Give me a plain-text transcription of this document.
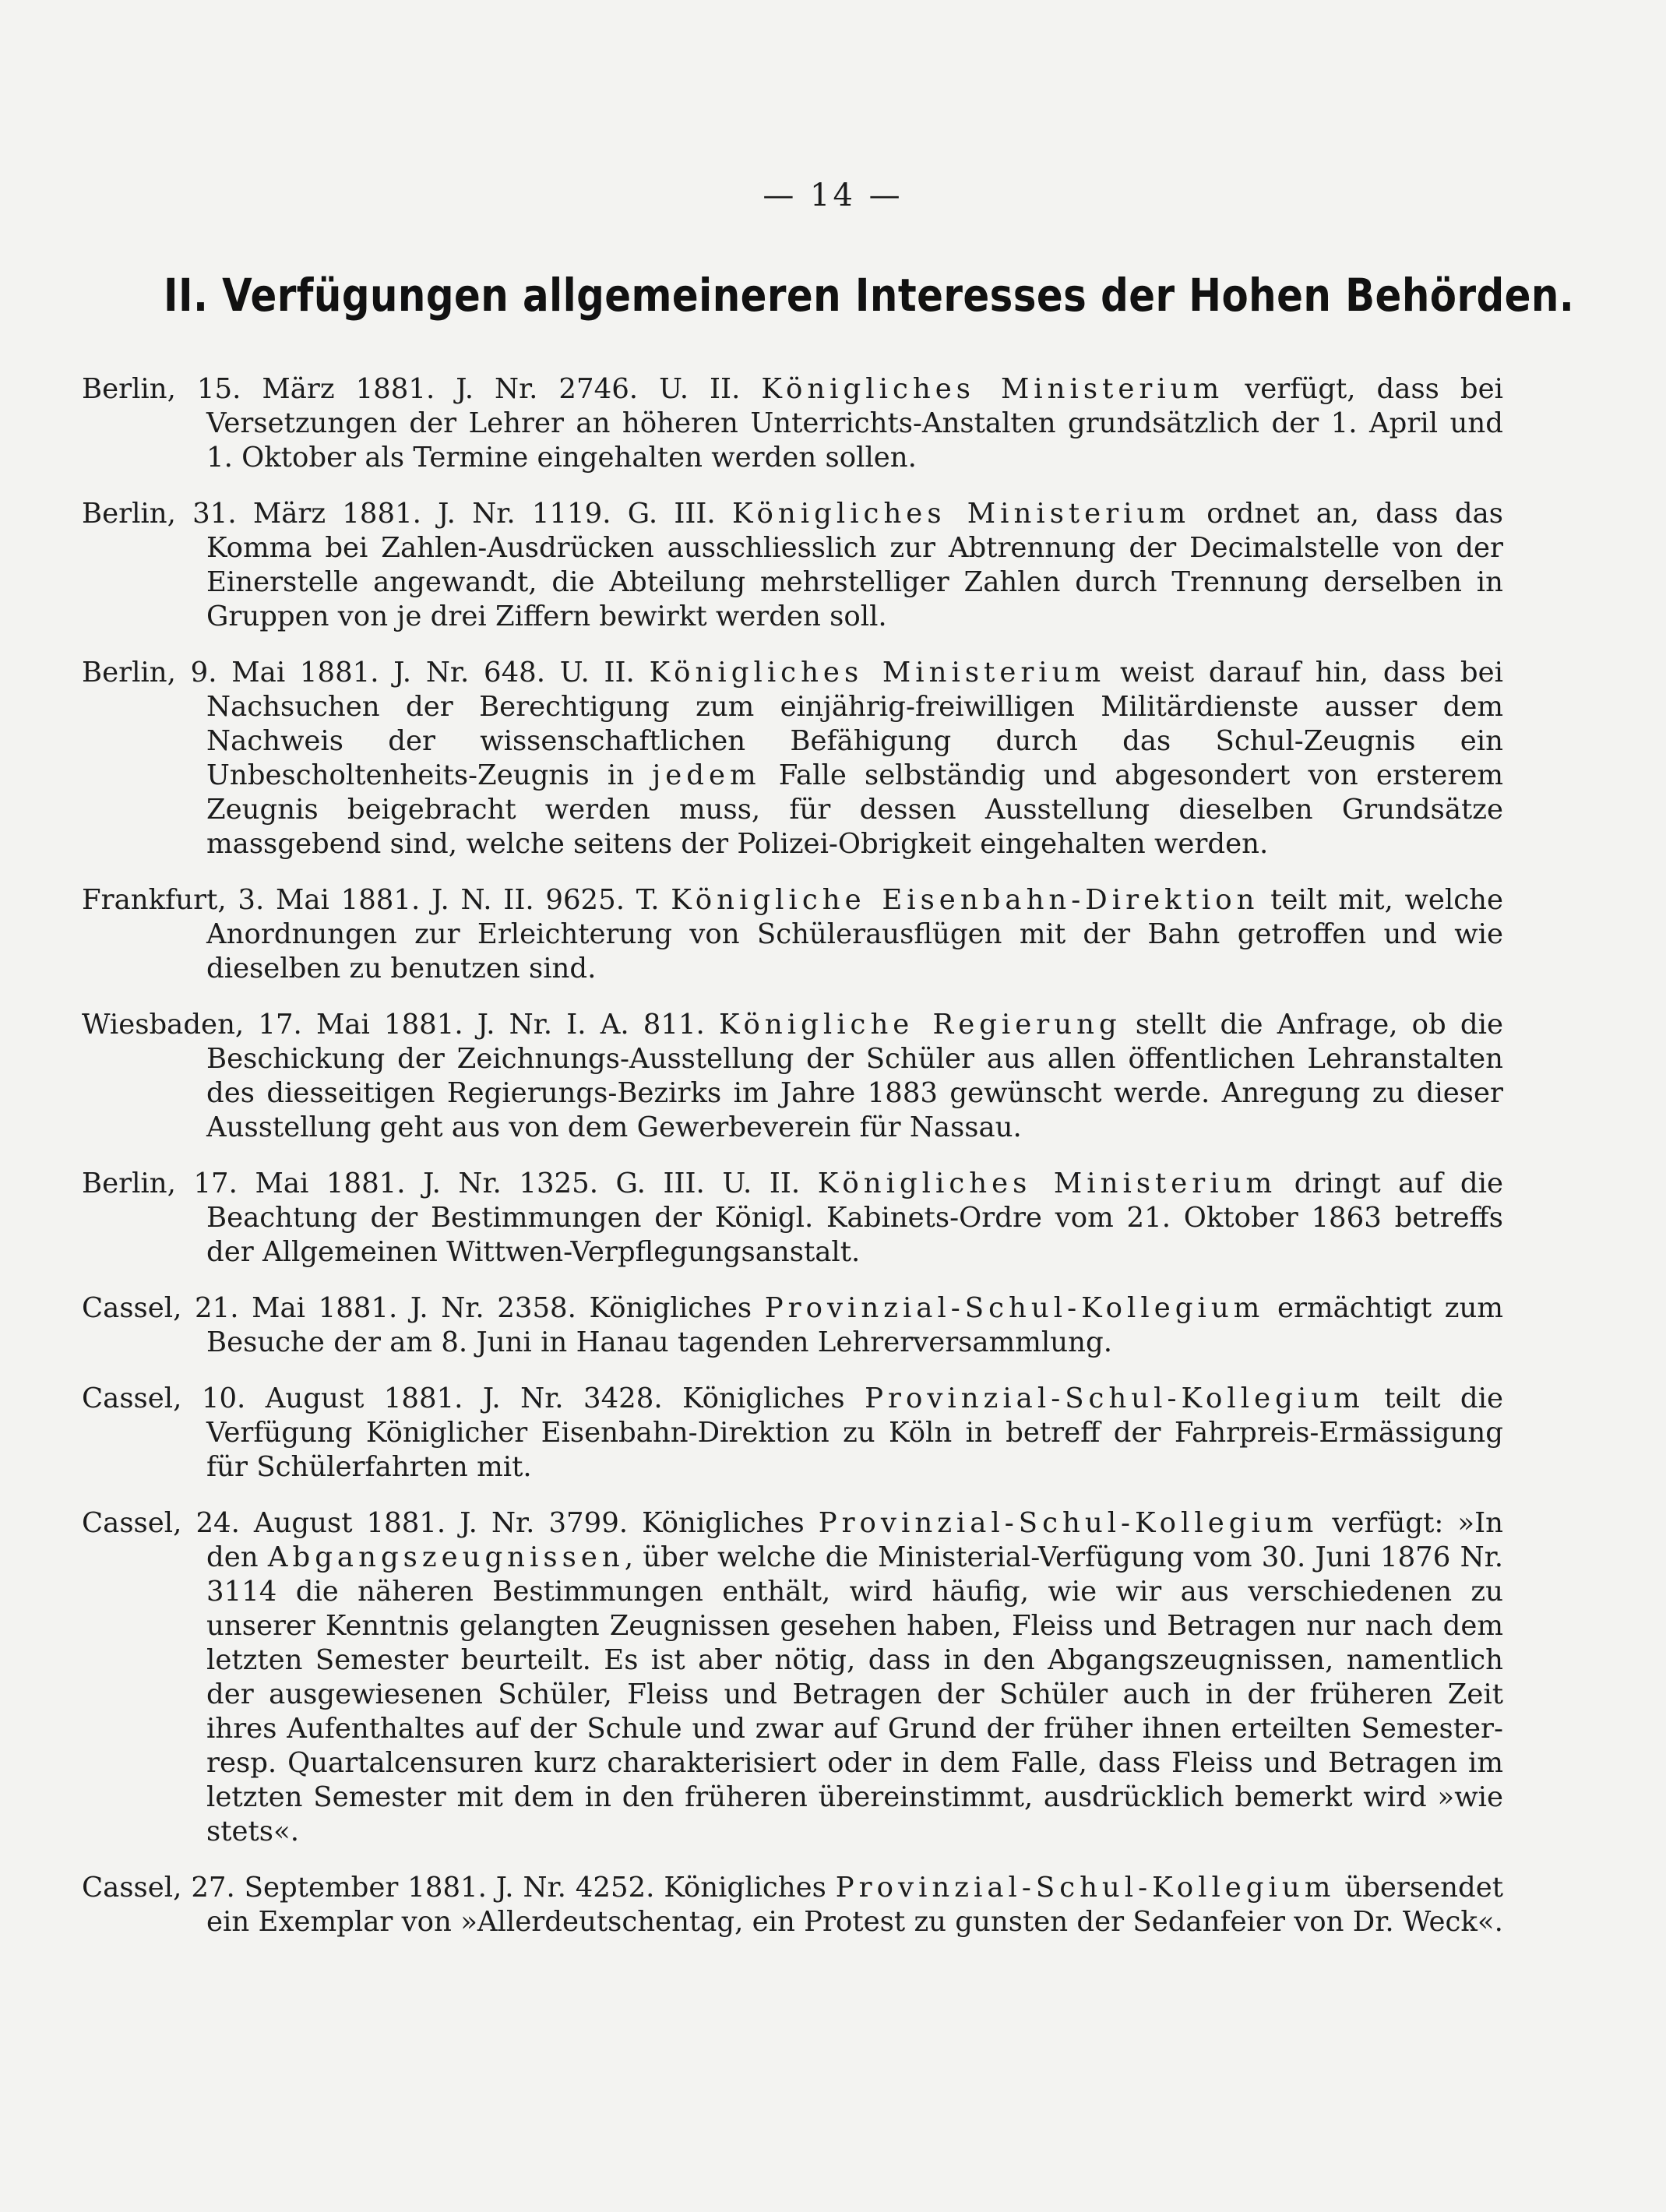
— 14 —
II. Verfügungen allgemeineren Interesses der Hohen Behörden.

Berlin, 15. März 1881. J. Nr. 2746. U. II. Königliches Ministerium verfügt, dass bei Versetzungen der Lehrer an höheren Unterrichts-Anstalten grundsätzlich der 1. April und 1. Oktober als Termine eingehalten werden sollen.

Berlin, 31. März 1881. J. Nr. 1119. G. III. Königliches Ministerium ordnet an, dass das Komma bei Zahlen-Ausdrücken ausschliesslich zur Abtrennung der Decimalstelle von der Einerstelle angewandt, die Abteilung mehrstelliger Zahlen durch Trennung derselben in Gruppen von je drei Ziffern bewirkt werden soll.

Berlin, 9. Mai 1881. J. Nr. 648. U. II. Königliches Ministerium weist darauf hin, dass bei Nachsuchen der Berechtigung zum einjährig-freiwilligen Militärdienste ausser dem Nachweis der wissenschaftlichen Befähigung durch das Schul-Zeugnis ein Unbescholtenheits-Zeugnis in jedem Falle selbständig und abgesondert von ersterem Zeugnis beigebracht werden muss, für dessen Ausstellung dieselben Grundsätze massgebend sind, welche seitens der Polizei-Obrigkeit eingehalten werden.

Frankfurt, 3. Mai 1881. J. N. II. 9625. T. Königliche Eisenbahn-Direktion teilt mit, welche Anordnungen zur Erleichterung von Schülerausflügen mit der Bahn getroffen und wie dieselben zu benutzen sind.

Wiesbaden, 17. Mai 1881. J. Nr. I. A. 811. Königliche Regierung stellt die Anfrage, ob die Beschickung der Zeichnungs-Ausstellung der Schüler aus allen öffentlichen Lehranstalten des diesseitigen Regierungs-Bezirks im Jahre 1883 gewünscht werde. Anregung zu dieser Ausstellung geht aus von dem Gewerbeverein für Nassau.

Berlin, 17. Mai 1881. J. Nr. 1325. G. III. U. II. Königliches Ministerium dringt auf die Beachtung der Bestimmungen der Königl. Kabinets-Ordre vom 21. Oktober 1863 betreffs der Allgemeinen Wittwen-Verpflegungsanstalt.

Cassel, 21. Mai 1881. J. Nr. 2358. Königliches Provinzial-Schul-Kollegium ermächtigt zum Besuche der am 8. Juni in Hanau tagenden Lehrerversammlung.

Cassel, 10. August 1881. J. Nr. 3428. Königliches Provinzial-Schul-Kollegium teilt die Verfügung Königlicher Eisenbahn-Direktion zu Köln in betreff der Fahrpreis-Ermässigung für Schülerfahrten mit.

Cassel, 24. August 1881. J. Nr. 3799. Königliches Provinzial-Schul-Kollegium verfügt: »In den Abgangszeugnissen, über welche die Ministerial-Verfügung vom 30. Juni 1876 Nr. 3114 die näheren Bestimmungen enthält, wird häufig, wie wir aus verschiedenen zu unserer Kenntnis gelangten Zeugnissen gesehen haben, Fleiss und Betragen nur nach dem letzten Semester beurteilt. Es ist aber nötig, dass in den Abgangszeugnissen, namentlich der ausgewiesenen Schüler, Fleiss und Betragen der Schüler auch in der früheren Zeit ihres Aufenthaltes auf der Schule und zwar auf Grund der früher ihnen erteilten Semester- resp. Quartalcensuren kurz charakterisiert oder in dem Falle, dass Fleiss und Betragen im letzten Semester mit dem in den früheren übereinstimmt, ausdrücklich bemerkt wird »wie stets«.

Cassel, 27. September 1881. J. Nr. 4252. Königliches Provinzial-Schul-Kollegium übersendet ein Exemplar von »Allerdeutschentag, ein Protest zu gunsten der Sedanfeier von Dr. Weck«.
